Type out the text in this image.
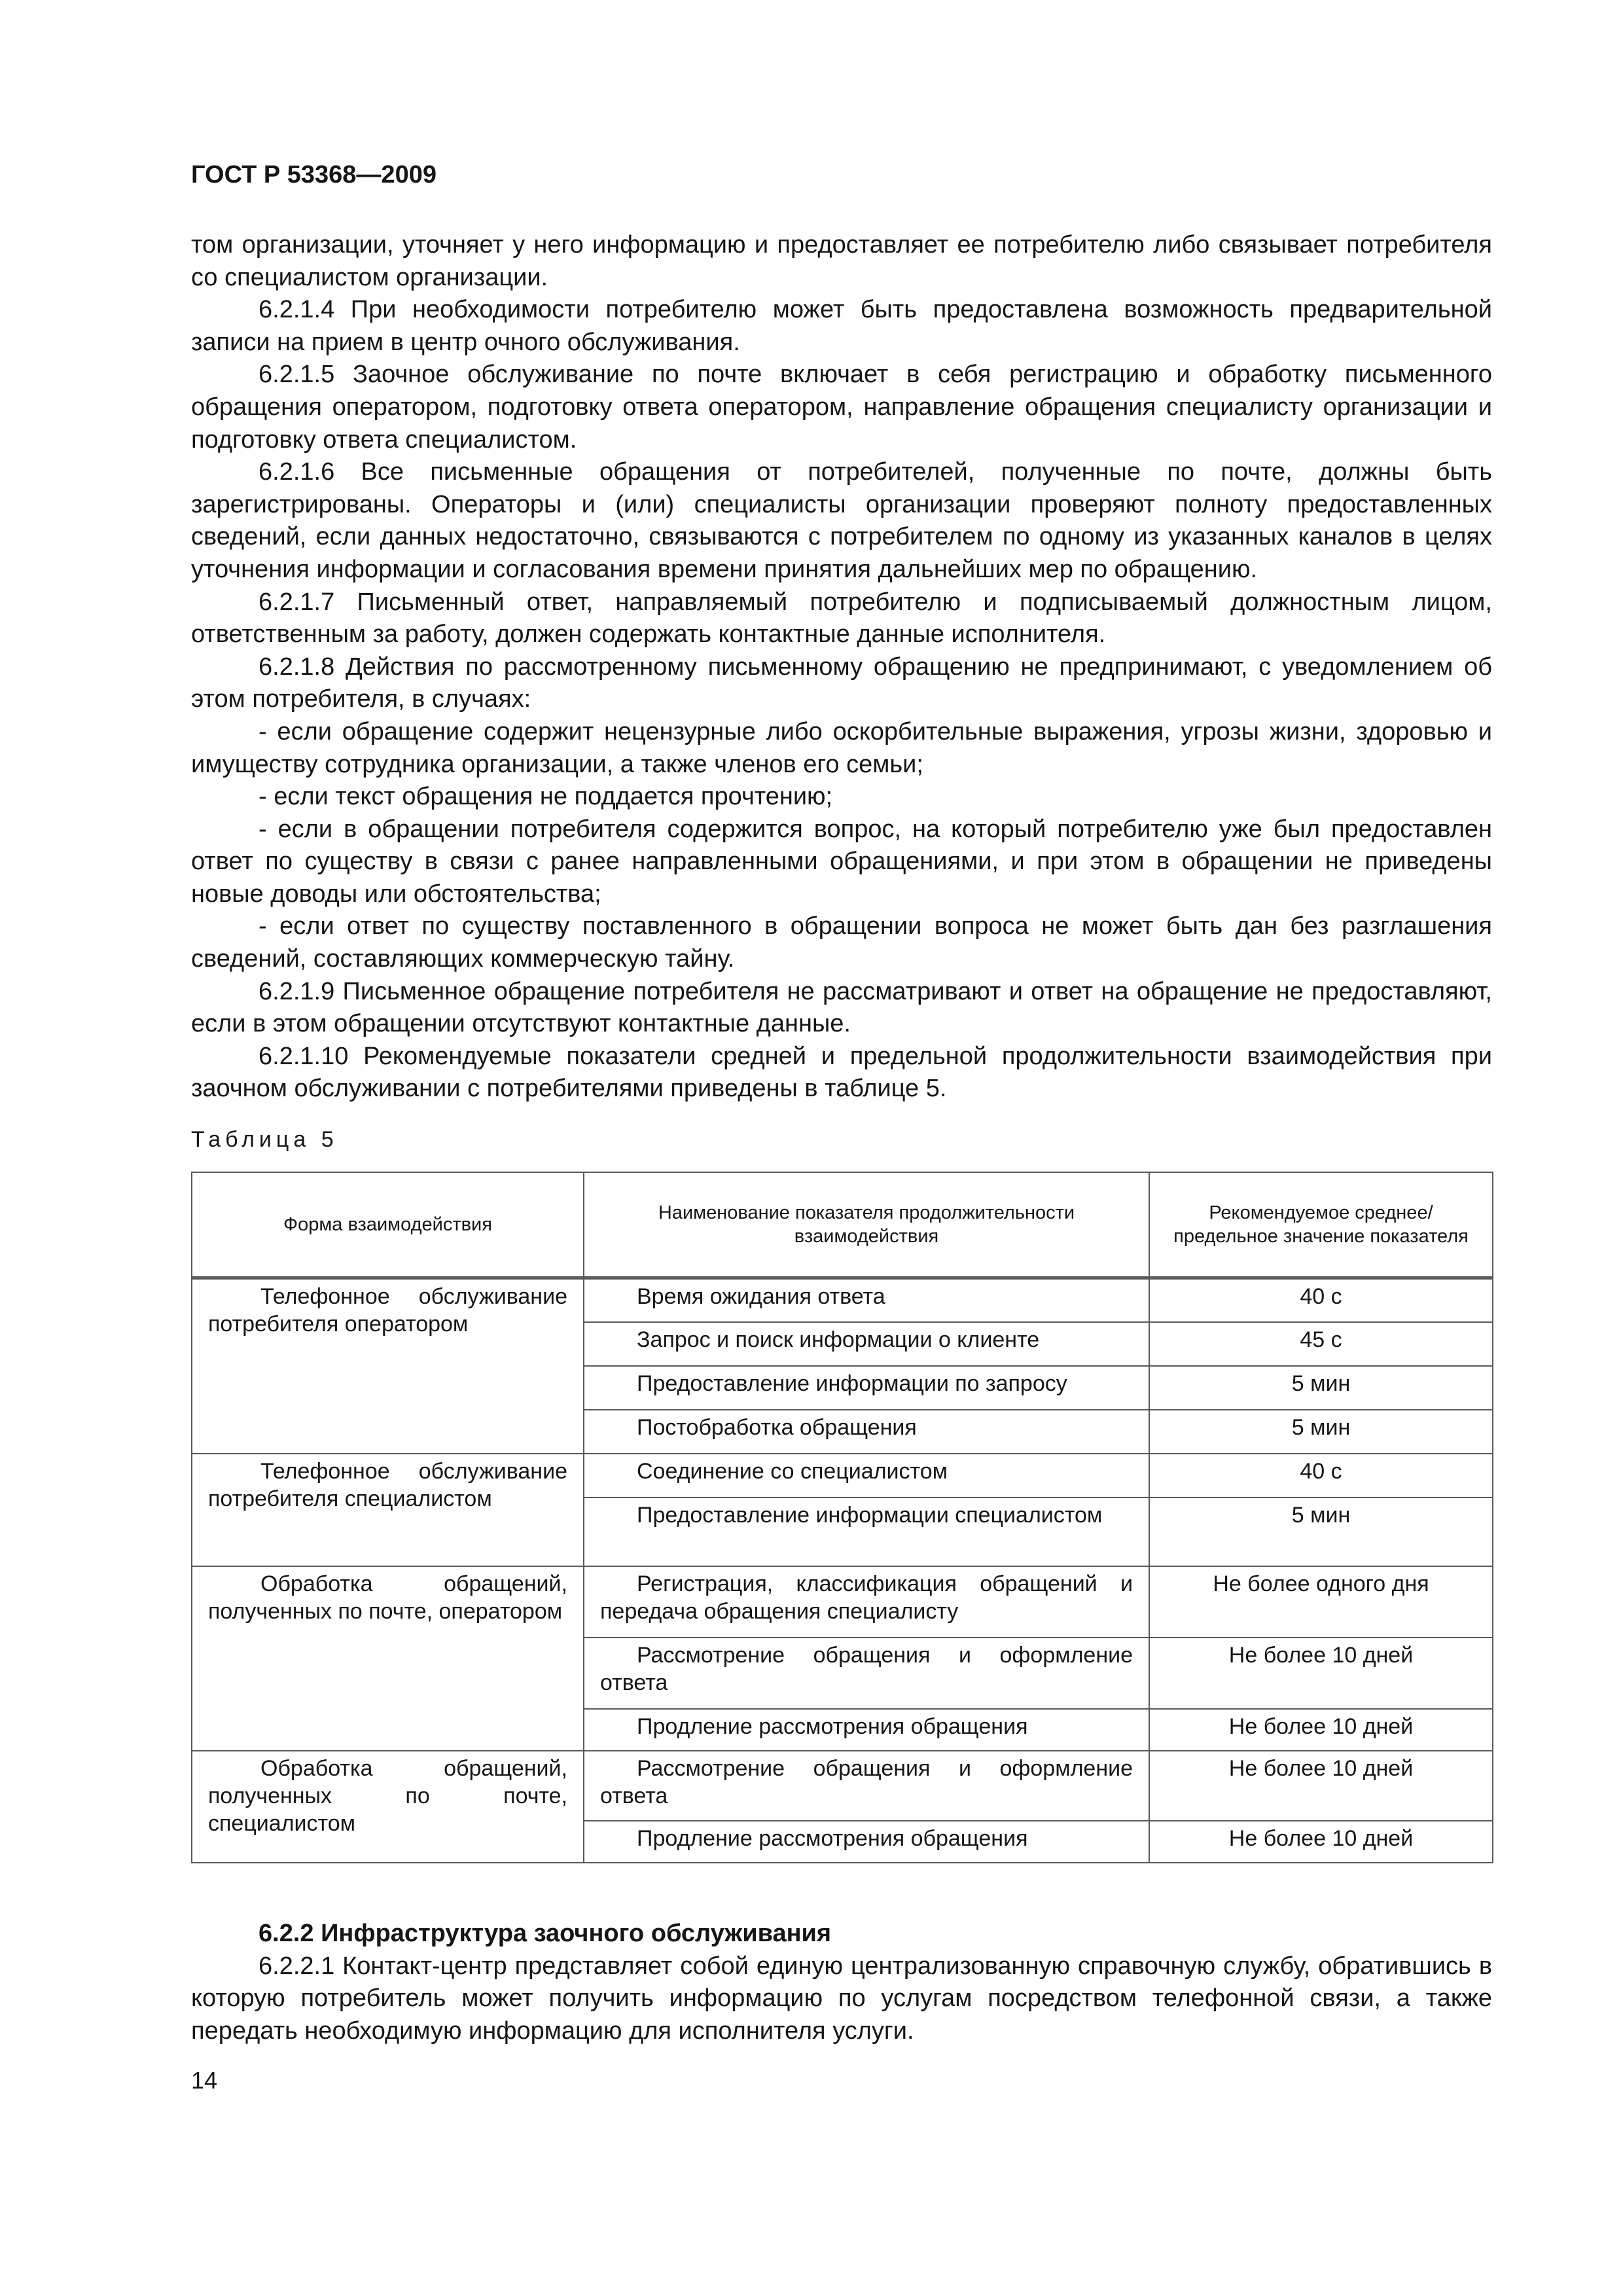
ГОСТ Р 53368—2009

том организации, уточняет у него информацию и предоставляет ее потребителю либо связывает потребителя со специалистом организации.

6.2.1.4 При необходимости потребителю может быть предоставлена возможность предварительной записи на прием в центр очного обслуживания.

6.2.1.5 Заочное обслуживание по почте включает в себя регистрацию и обработку письменного обращения оператором, подготовку ответа оператором, направление обращения специалисту организации и подготовку ответа специалистом.

6.2.1.6 Все письменные обращения от потребителей, полученные по почте, должны быть зарегистрированы. Операторы и (или) специалисты организации проверяют полноту предоставленных сведений, если данных недостаточно, связываются с потребителем по одному из указанных каналов в целях уточнения информации и согласования времени принятия дальнейших мер по обращению.

6.2.1.7 Письменный ответ, направляемый потребителю и подписываемый должностным лицом, ответственным за работу, должен содержать контактные данные исполнителя.

6.2.1.8 Действия по рассмотренному письменному обращению не предпринимают, с уведомлением об этом потребителя, в случаях:

- если обращение содержит нецензурные либо оскорбительные выражения, угрозы жизни, здоровью и имуществу сотрудника организации, а также членов его семьи;

- если текст обращения не поддается прочтению;

- если в обращении потребителя содержится вопрос, на который потребителю уже был предоставлен ответ по существу в связи с ранее направленными обращениями, и при этом в обращении не приведены новые доводы или обстоятельства;

- если ответ по существу поставленного в обращении вопроса не может быть дан без разглашения сведений, составляющих коммерческую тайну.

6.2.1.9 Письменное обращение потребителя не рассматривают и ответ на обращение не предоставляют, если в этом обращении отсутствуют контактные данные.

6.2.1.10 Рекомендуемые показатели средней и предельной продолжительности взаимодействия при заочном обслуживании с потребителями приведены в таблице 5.

Таблица 5
Форма взаимодействия	Наименование показателя продолжительности взаимодействия	Рекомендуемое среднее/предельное значение показателя
Телефонное обслуживание потребителя оператором	Время ожидания ответа	40 с
	Запрос и поиск информации о клиенте	45 с
	Предоставление информации по запросу	5 мин
	Постобработка обращения	5 мин
Телефонное обслуживание потребителя специалистом	Соединение со специалистом	40 с
	Предоставление информации специалистом	5 мин
Обработка обращений, полученных по почте, оператором	Регистрация, классификация обращений и передача обращения специалисту	Не более одного дня
	Рассмотрение обращения и оформление ответа	Не более 10 дней
	Продление рассмотрения обращения	Не более 10 дней
Обработка обращений, полученных по почте, специалистом	Рассмотрение обращения и оформление ответа	Не более 10 дней
	Продление рассмотрения обращения	Не более 10 дней

6.2.2 Инфраструктура заочного обслуживания

6.2.2.1 Контакт-центр представляет собой единую централизованную справочную службу, обратившись в которую потребитель может получить информацию по услугам посредством телефонной связи, а также передать необходимую информацию для исполнителя услуги.

14
